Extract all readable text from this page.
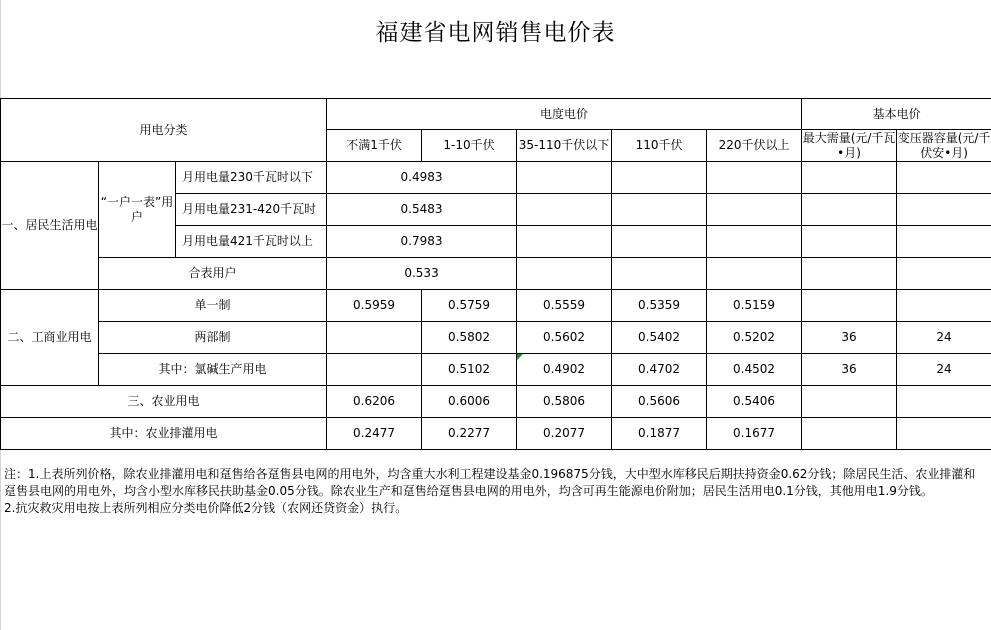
福建省电网销售电价表
用电分类			电度电价					基本电价	
			不满1千伏	1-10千伏	35-110千伏以下	110千伏	220千伏以上	最大需量(元/千瓦•月)	变压器容量(元/千伏安•月)
一、居民生活用电	“一户一表”用户	月用电量230千瓦时以下	0.4983						
		月用电量231-420千瓦时	0.5483						
		月用电量421千瓦时以上	0.7983						
	合表用户		0.533						
二、工商业用电	单一制		0.5959	0.5759	0.5559	0.5359	0.5159		
	两部制			0.5802	0.5602	0.5402	0.5202	36	24
	其中：氯碱生产用电			0.5102	0.4902	0.4702	0.4502	36	24
三、农业用电			0.6206	0.6006	0.5806	0.5606	0.5406		
其中：农业排灌用电			0.2477	0.2277	0.2077	0.1877	0.1677		

注：1.上表所列价格，除农业排灌用电和趸售给各趸售县电网的用电外，均含重大水利工程建设基金0.196875分钱，大中型水库移民后期扶持资金0.62分钱；除居民生活、农业排灌和趸售县电网的用电外，均含小型水库移民扶助基金0.05分钱。除农业生产和趸售给趸售县电网的用电外，均含可再生能源电价附加；居民生活用电0.1分钱，其他用电1.9分钱。

2.抗灾救灾用电按上表所列相应分类电价降低2分钱（农网还贷资金）执行。
